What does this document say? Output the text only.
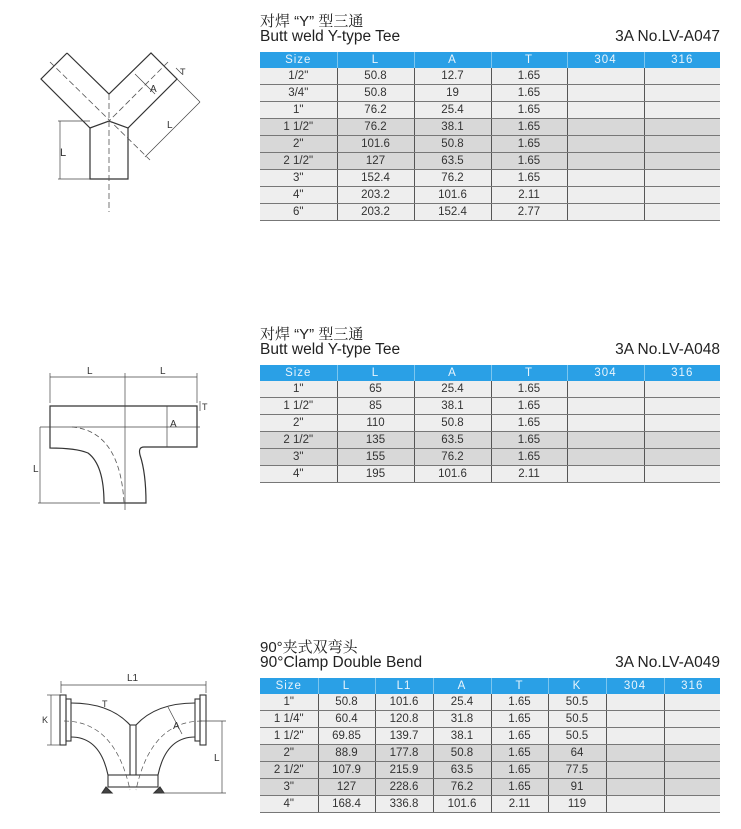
L
A
T
L
对焊 “Y” 型三通
Butt weld Y-type Tee	3A No.LV-A047
Size	L	A	T	304	316
1/2"	50.8	12.7	1.65		
3/4"	50.8	19	1.65		
1"	76.2	25.4	1.65		
1 1/2"	76.2	38.1	1.65		
2"	101.6	50.8	1.65		
2 1/2"	127	63.5	1.65		
3"	152.4	76.2	1.65		
4"	203.2	101.6	2.11		
6"	203.2	152.4	2.77		
L	L
A
T
L
对焊 “Y” 型三通
Butt weld Y-type Tee	3A No.LV-A048
Size	L	A	T	304	316
1"	65	25.4	1.65		
1 1/2"	85	38.1	1.65		
2"	110	50.8	1.65		
2 1/2"	135	63.5	1.65		
3"	155	76.2	1.65		
4"	195	101.6	2.11		
L1
T
A
K
L
90°夹式双弯头
90°Clamp Double Bend	3A No.LV-A049
Size	L	L1	A	T	K	304	316
1"	50.8	101.6	25.4	1.65	50.5		
1 1/4"	60.4	120.8	31.8	1.65	50.5		
1 1/2"	69.85	139.7	38.1	1.65	50.5		
2"	88.9	177.8	50.8	1.65	64		
2 1/2"	107.9	215.9	63.5	1.65	77.5		
3"	127	228.6	76.2	1.65	91		
4"	168.4	336.8	101.6	2.11	119		
